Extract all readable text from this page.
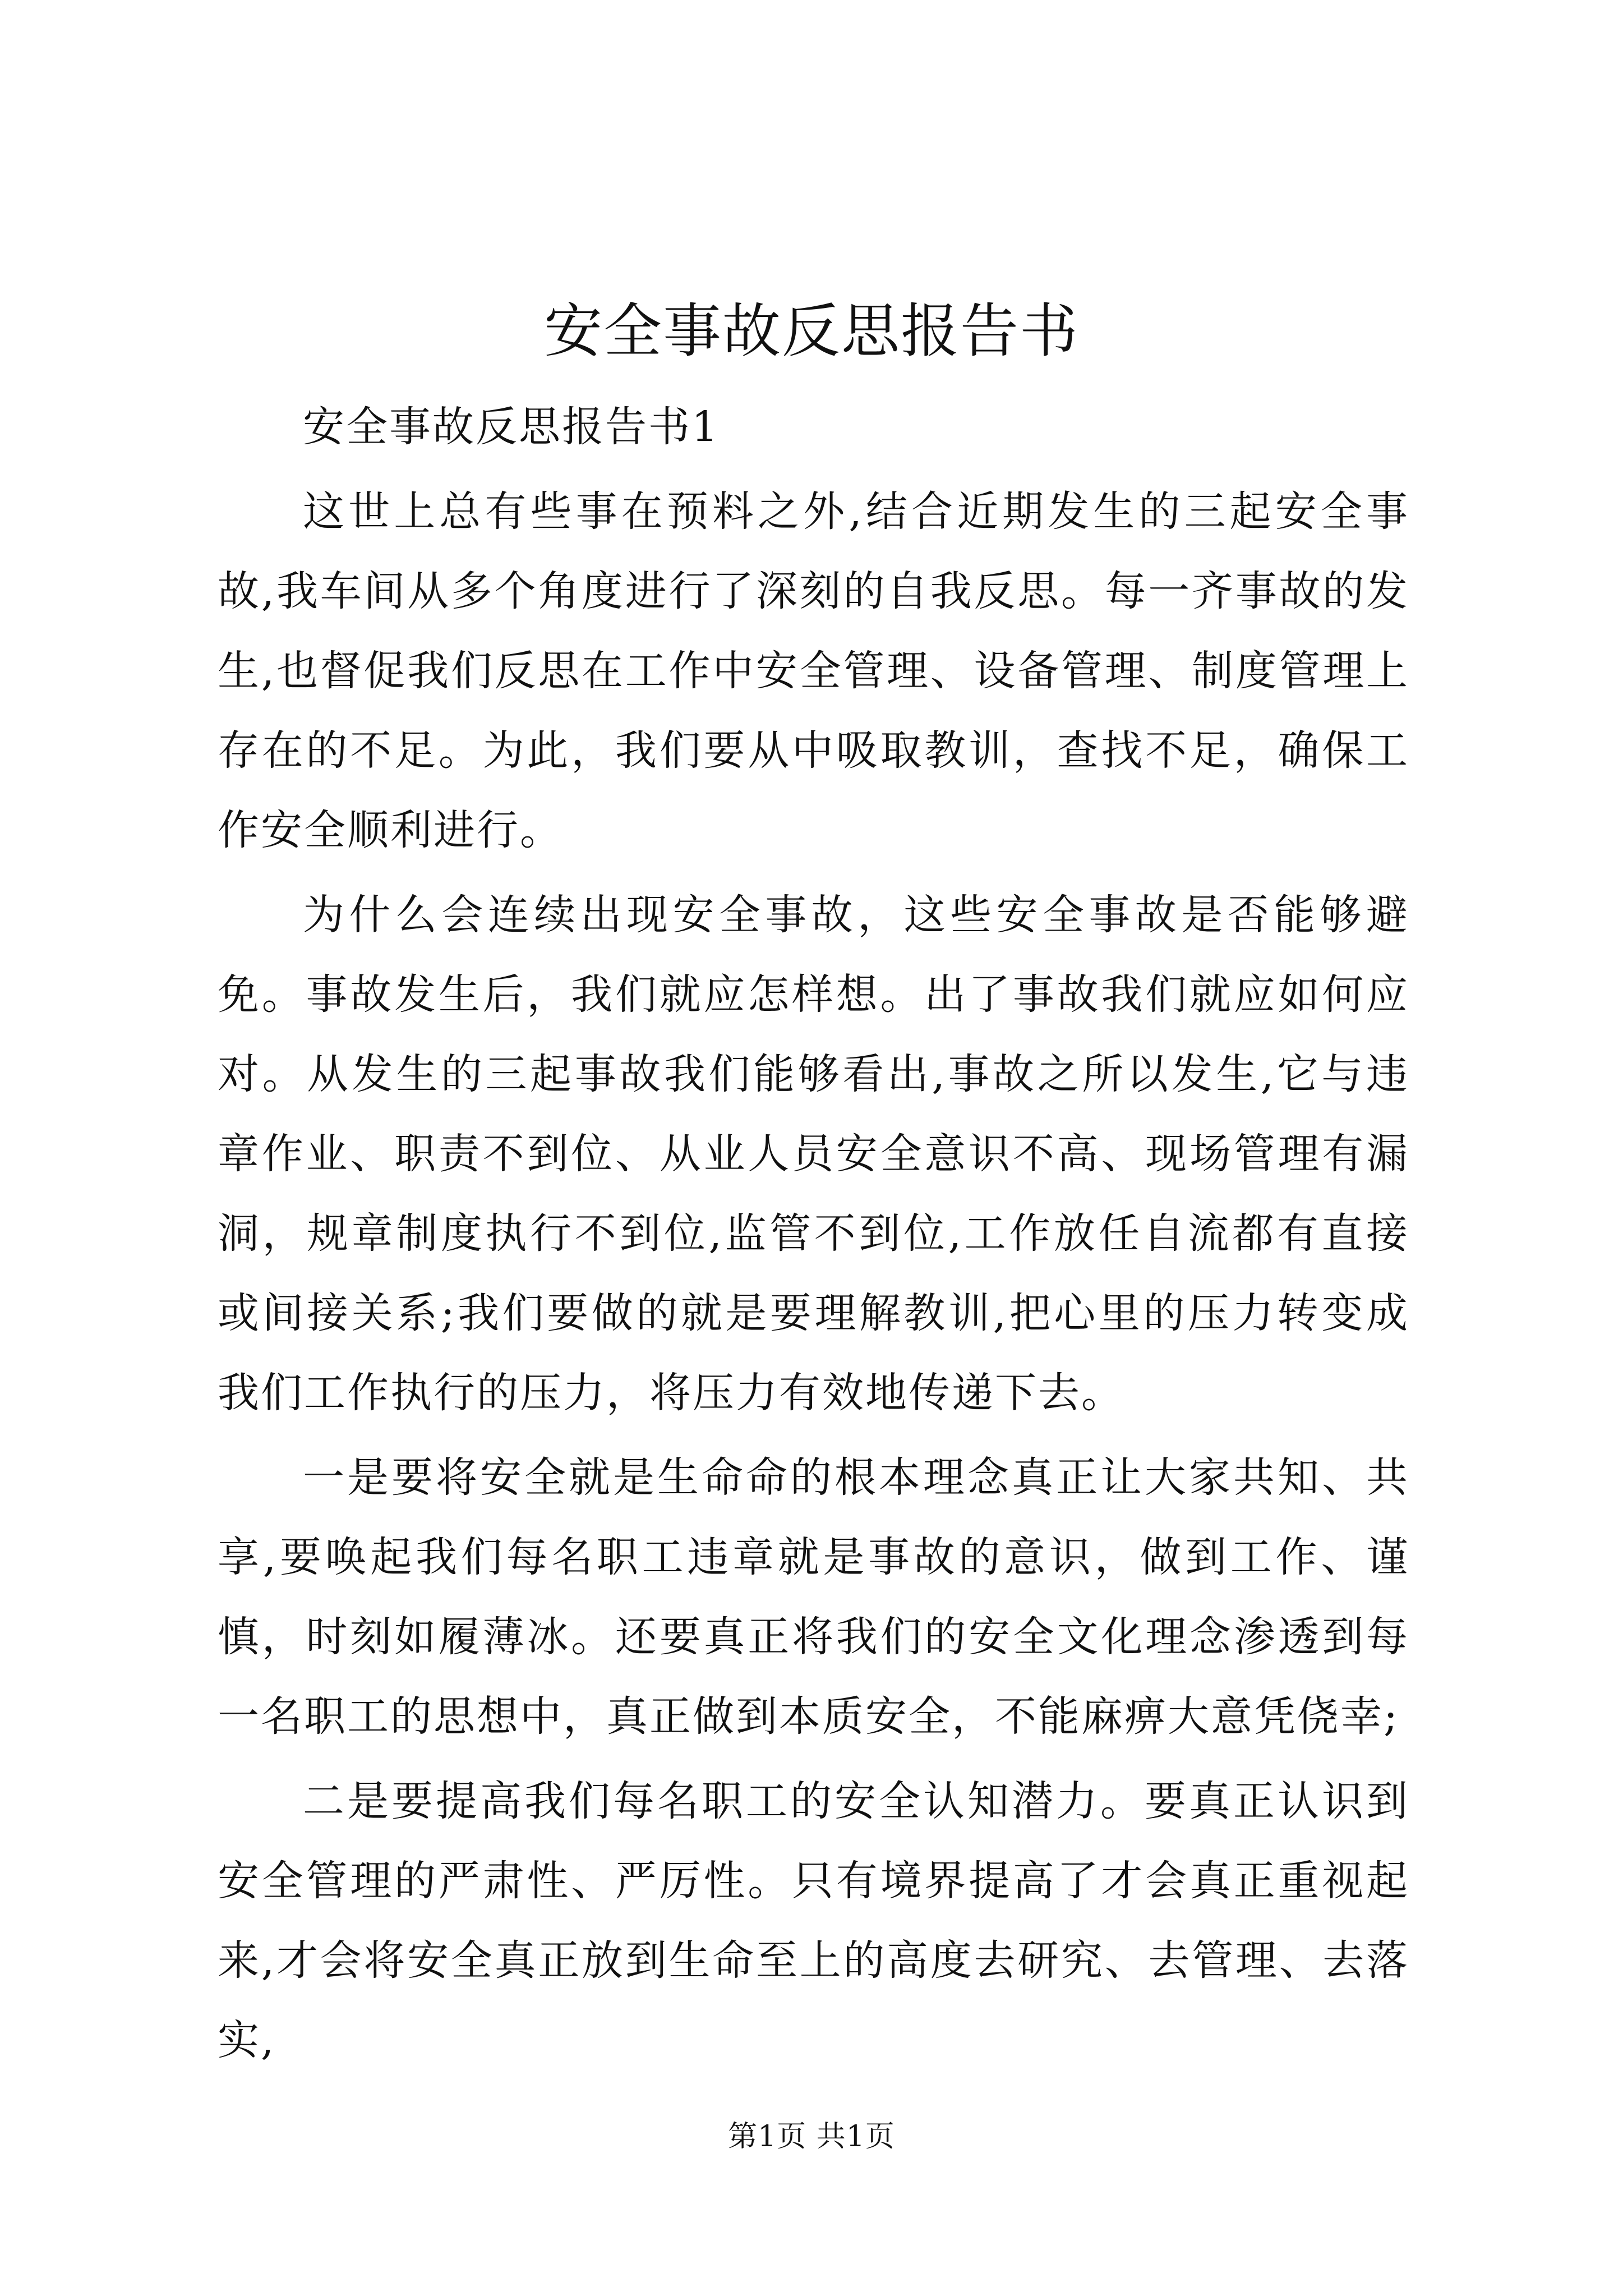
安全事故反思报告书

安全事故反思报告书1

这世上总有些事在预料之外,结合近期发生的三起安全事故,我车间从多个角度进行了深刻的自我反思。每一齐事故的发生,也督促我们反思在工作中安全管理、设备管理、制度管理上存在的不足。为此，我们要从中吸取教训，查找不足，确保工作安全顺利进行。

为什么会连续出现安全事故，这些安全事故是否能够避免。事故发生后，我们就应怎样想。出了事故我们就应如何应对。从发生的三起事故我们能够看出,事故之所以发生,它与违章作业、职责不到位、从业人员安全意识不高、现场管理有漏洞，规章制度执行不到位,监管不到位,工作放任自流都有直接或间接关系;我们要做的就是要理解教训,把心里的压力转变成我们工作执行的压力，将压力有效地传递下去。

一是要将安全就是生命命的根本理念真正让大家共知、共享,要唤起我们每名职工违章就是事故的意识，做到工作、谨慎，时刻如履薄冰。还要真正将我们的安全文化理念渗透到每一名职工的思想中，真正做到本质安全，不能麻痹大意凭侥幸;

二是要提高我们每名职工的安全认知潜力。要真正认识到安全管理的严肃性、严厉性。只有境界提高了才会真正重视起来,才会将安全真正放到生命至上的高度去研究、去管理、去落实,

第1页 共1页
